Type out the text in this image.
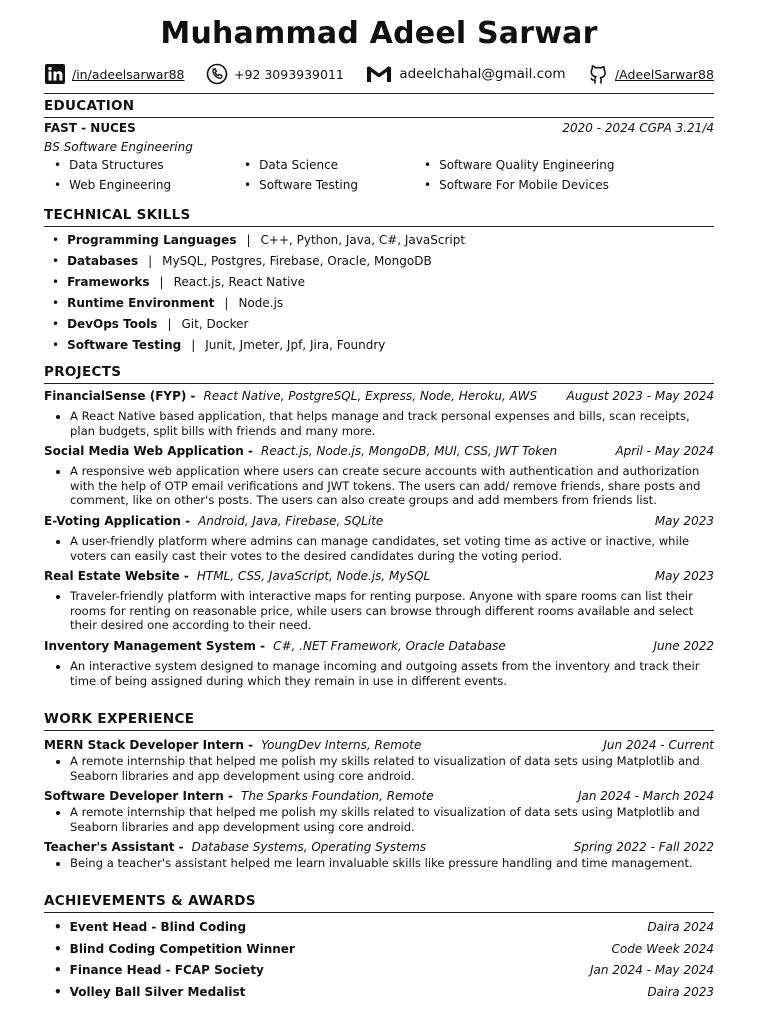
Muhammad Adeel Sarwar
/in/adeelsarwar88	+92 3093939011	adeelchahal@gmail.com	/AdeelSarwar88
EDUCATION
FAST - NUCES	2020 - 2024 CGPA 3.21/4
BS Software Engineering
• Data Structures	• Data Science	• Software Quality Engineering
• Web Engineering	• Software Testing	• Software For Mobile Devices
TECHNICAL SKILLS
• Programming Languages | C++, Python, Java, C#, JavaScript
• Databases | MySQL, Postgres, Firebase, Oracle, MongoDB
• Frameworks | React.js, React Native
• Runtime Environment | Node.js
• DevOps Tools | Git, Docker
• Software Testing | Junit, Jmeter, Jpf, Jira, Foundry
PROJECTS
FinancialSense (FYP) -  React Native, PostgreSQL, Express, Node, Heroku, AWS August 2023 - May 2024
• A React Native based application, that helps manage and track personal expenses and bills, scan receipts, plan budgets, split bills with friends and many more.
Social Media Web Application -  React.js, Node.js, MongoDB, MUI, CSS, JWT Token	April - May 2024
• A responsive web application where users can create secure accounts with authentication and authorization with the help of OTP email verifications and JWT tokens. The users can add/ remove friends, share posts and comment, like on other's posts. The users can also create groups and add members from friends list.
E-Voting Application -  Android, Java, Firebase, SQLite	May 2023
• A user-friendly platform where admins can manage candidates, set voting time as active or inactive, while voters can easily cast their votes to the desired candidates during the voting period.
Real Estate Website -  HTML, CSS, JavaScript, Node.js, MySQL	May 2023
• Traveler-friendly platform with interactive maps for renting purpose. Anyone with spare rooms can list their rooms for renting on reasonable price, while users can browse through different rooms available and select their desired one according to their need.
Inventory Management System -  C#, .NET Framework, Oracle Database	June 2022
• An interactive system designed to manage incoming and outgoing assets from the inventory and track their time of being assigned during which they remain in use in different events.
WORK EXPERIENCE
MERN Stack Developer Intern -  YoungDev Interns, Remote	Jun 2024 - Current
• A remote internship that helped me polish my skills related to visualization of data sets using Matplotlib and Seaborn libraries and app development using core android.
Software Developer Intern -  The Sparks Foundation, Remote	Jan 2024 - March 2024
• A remote internship that helped me polish my skills related to visualization of data sets using Matplotlib and Seaborn libraries and app development using core android.
Teacher's Assistant -  Database Systems, Operating Systems	Spring 2022 - Fall 2022
• Being a teacher's assistant helped me learn invaluable skills like pressure handling and time management.
ACHIEVEMENTS & AWARDS
• Event Head - Blind Coding	Daira 2024
• Blind Coding Competition Winner	Code Week 2024
• Finance Head - FCAP Society	Jan 2024 - May 2024
• Volley Ball Silver Medalist	Daira 2023
